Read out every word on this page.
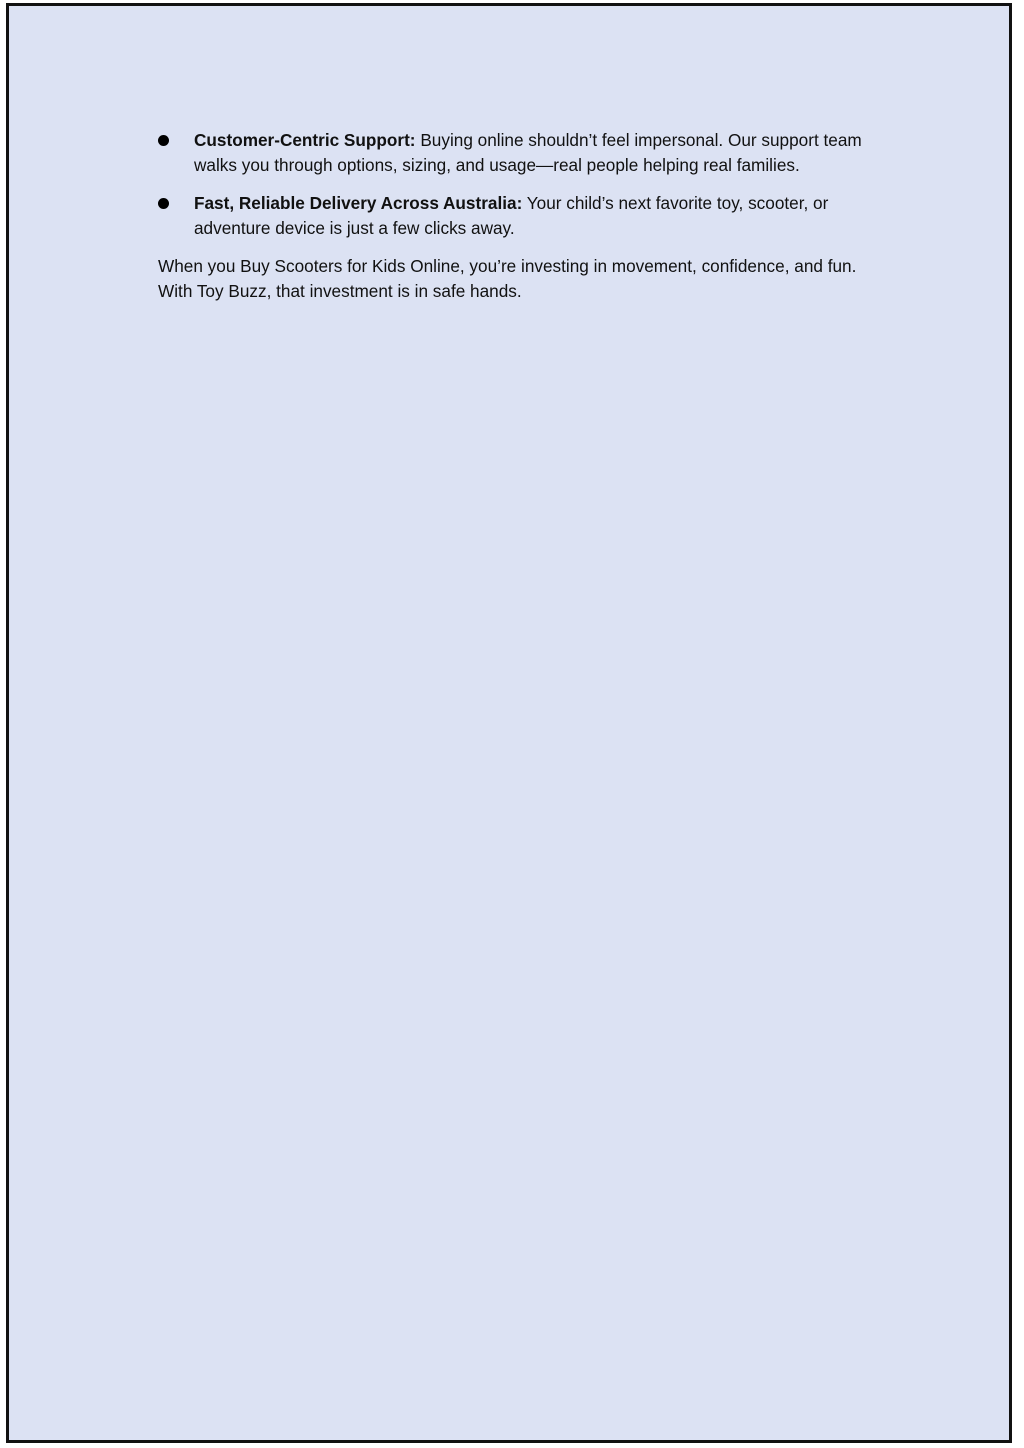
Customer-Centric Support: Buying online shouldn’t feel impersonal. Our support team walks you through options, sizing, and usage—real people helping real families.
Fast, Reliable Delivery Across Australia: Your child’s next favorite toy, scooter, or adventure device is just a few clicks away.

When you Buy Scooters for Kids Online, you’re investing in movement, confidence, and fun. With Toy Buzz, that investment is in safe hands.
